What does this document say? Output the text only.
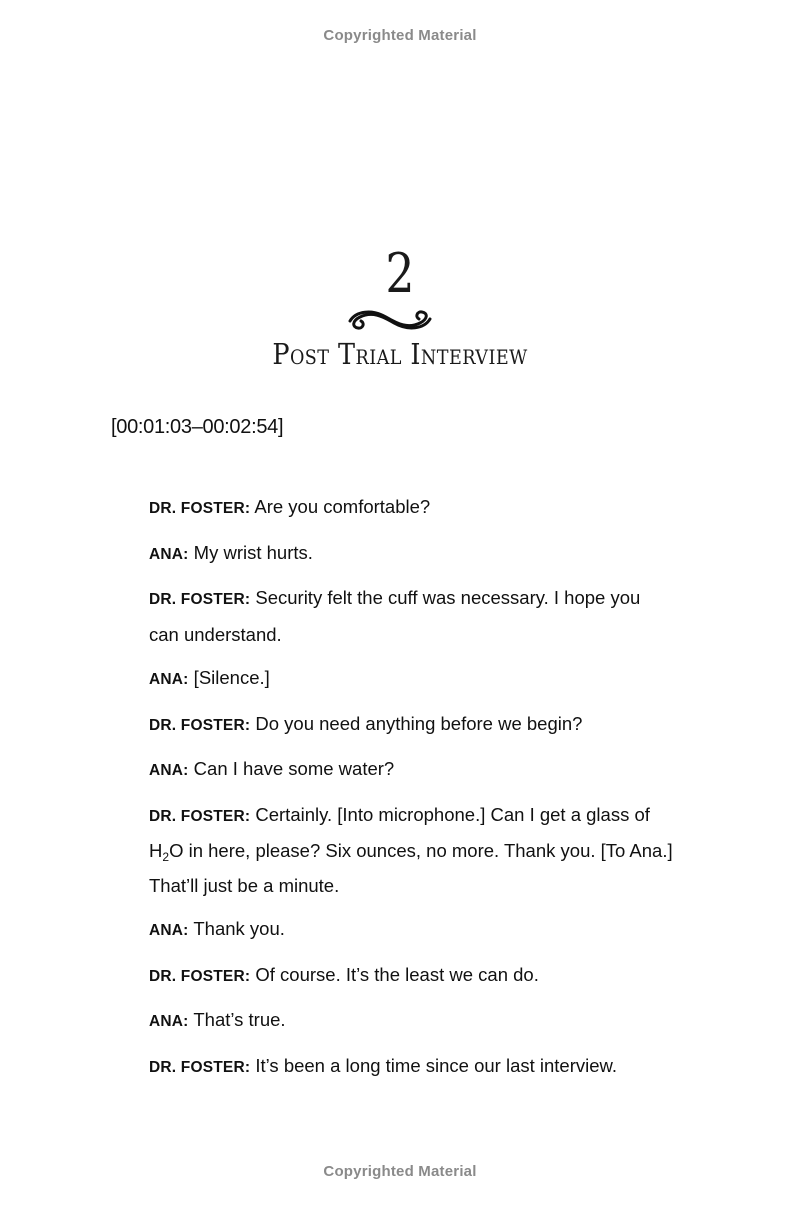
Copyrighted Material
2
Post Trial Interview
[00:01:03–00:02:54]

DR. FOSTER: Are you comfortable?

ANA: My wrist hurts.

DR. FOSTER: Security felt the cuff was necessary. I hope you can understand.

ANA: [Silence.]

DR. FOSTER: Do you need anything before we begin?

ANA: Can I have some water?

DR. FOSTER: Certainly. [Into microphone.] Can I get a glass of $H_2O$ in here, please? Six ounces, no more. Thank you. [To Ana.] That’ll just be a minute.

ANA: Thank you.

DR. FOSTER: Of course. It’s the least we can do.

ANA: That’s true.

DR. FOSTER: It’s been a long time since our last interview.

Copyrighted Material
